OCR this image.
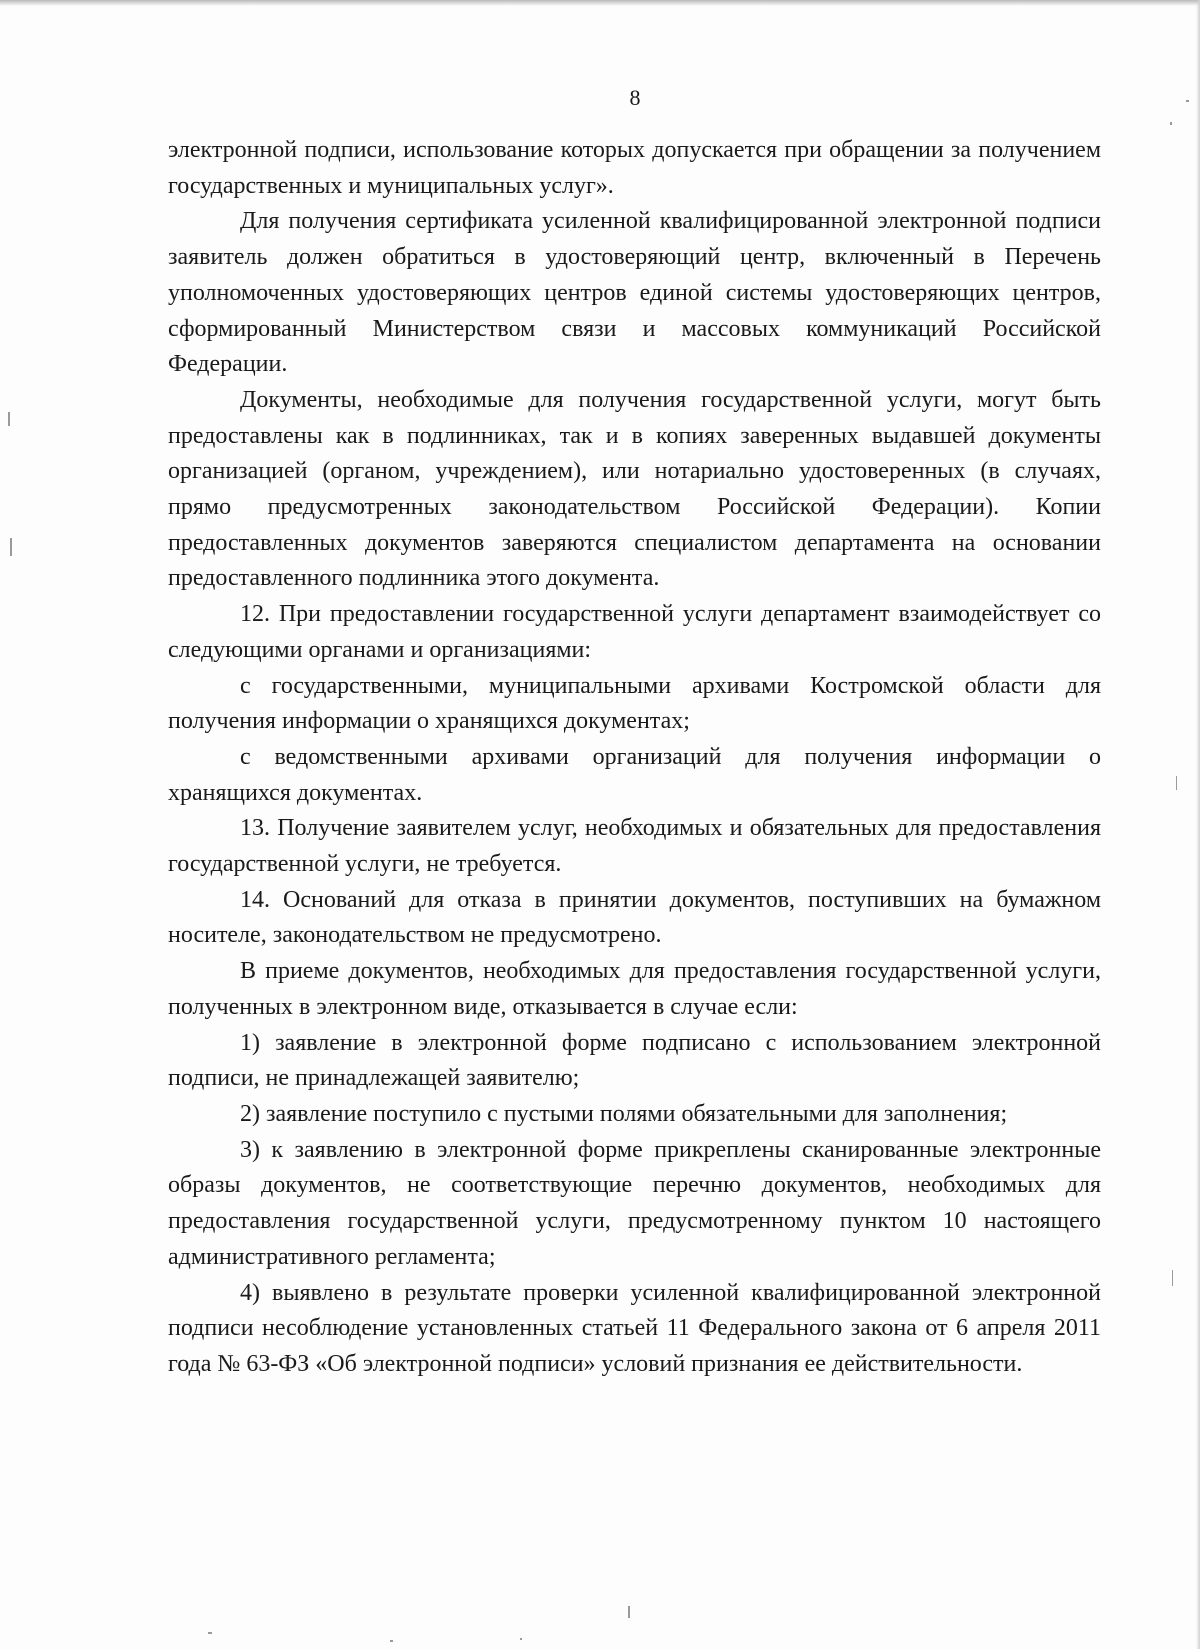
8

электронной подписи, использование которых допускается при обращении за получением государственных и муниципальных услуг».

Для получения сертификата усиленной квалифицированной электронной подписи заявитель должен обратиться в удостоверяющий центр, включенный в Перечень уполномоченных удостоверяющих центров единой системы удостоверяющих центров, сформированный Министерством связи и массовых коммуникаций Российской Федерации.

Документы, необходимые для получения государственной услуги, могут быть предоставлены как в подлинниках, так и в копиях заверенных выдавшей документы организацией (органом, учреждением), или нотариально удостоверенных (в случаях, прямо предусмотренных законодательством Российской Федерации). Копии предоставленных документов заверяются специалистом департамента на основании предоставленного подлинника этого документа.

12. При предоставлении государственной услуги департамент взаимодействует со следующими органами и организациями:

с государственными, муниципальными архивами Костромской области для получения информации о хранящихся документах;

с ведомственными архивами организаций для получения информации о хранящихся документах.

13. Получение заявителем услуг, необходимых и обязательных для предоставления государственной услуги, не требуется.

14. Оснований для отказа в принятии документов, поступивших на бумажном носителе, законодательством не предусмотрено.

В приеме документов, необходимых для предоставления государственной услуги, полученных в электронном виде, отказывается в случае если:

1) заявление в электронной форме подписано с использованием электронной подписи, не принадлежащей заявителю;

2) заявление поступило с пустыми полями обязательными для заполнения;

3) к заявлению в электронной форме прикреплены сканированные электронные образы документов, не соответствующие перечню документов, необходимых для предоставления государственной услуги, предусмотренному пунктом 10 настоящего административного регламента;

4) выявлено в результате проверки усиленной квалифицированной электронной подписи несоблюдение установленных статьей 11 Федерального закона от 6 апреля 2011 года № 63-ФЗ «Об электронной подписи» условий признания ее действительности.
